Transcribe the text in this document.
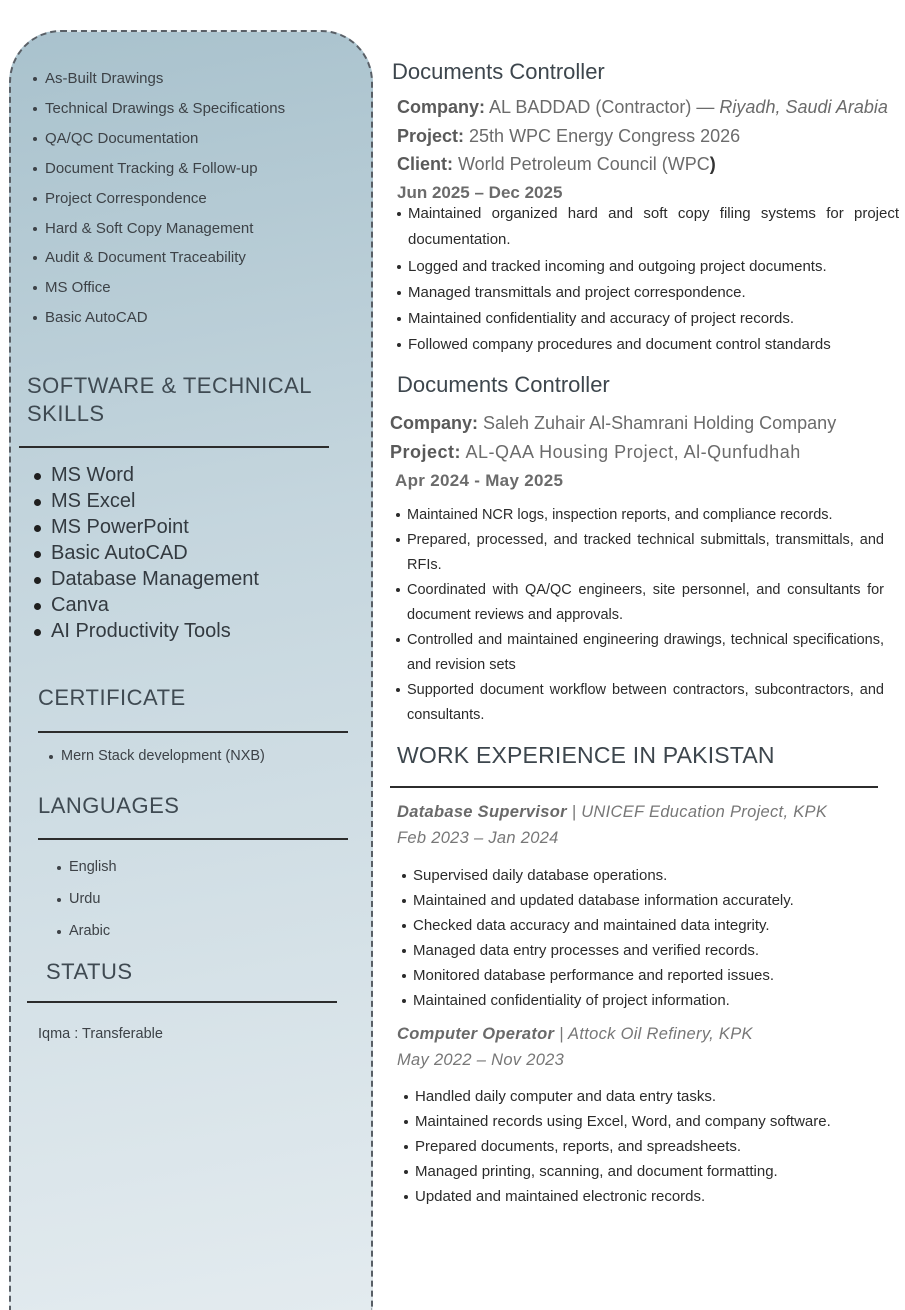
As-Built Drawings
Technical Drawings & Specifications
QA/QC Documentation
Document Tracking & Follow-up
Project Correspondence
Hard & Soft Copy Management
Audit & Document Traceability
MS Office
Basic AutoCAD
SOFTWARE & TECHNICAL
SKILLS
MS Word
MS Excel
MS PowerPoint
Basic AutoCAD
Database Management
Canva
AI Productivity Tools
CERTIFICATE
Mern Stack development (NXB)
LANGUAGES
English
Urdu
Arabic
STATUS
Iqma : Transferable
Documents Controller
Company: AL BADDAD (Contractor) — Riyadh, Saudi Arabia
Project: 25th WPC Energy Congress 2026
Client: World Petroleum Council (WPC)
Jun 2025 – Dec 2025
Maintained organized hard and soft copy filing systems for project documentation.
Logged and tracked incoming and outgoing project documents.
Managed transmittals and project correspondence.
Maintained confidentiality and accuracy of project records.
Followed company procedures and document control standards
Documents Controller
Company: Saleh Zuhair Al-Shamrani Holding Company
Project: AL-QAA Housing Project, Al-Qunfudhah
Apr 2024 - May 2025
Maintained NCR logs, inspection reports, and compliance records.
Prepared, processed, and tracked technical submittals, transmittals, and RFIs.
Coordinated with QA/QC engineers, site personnel, and consultants for document reviews and approvals.
Controlled and maintained engineering drawings, technical specifications, and revision sets
Supported document workflow between contractors, subcontractors, and consultants.
WORK EXPERIENCE IN PAKISTAN
Database Supervisor | UNICEF Education Project, KPK
Feb 2023 – Jan 2024
Supervised daily database operations.
Maintained and updated database information accurately.
Checked data accuracy and maintained data integrity.
Managed data entry processes and verified records.
Monitored database performance and reported issues.
Maintained confidentiality of project information.
Computer Operator | Attock Oil Refinery, KPK
May 2022 – Nov 2023
Handled daily computer and data entry tasks.
Maintained records using Excel, Word, and company software.
Prepared documents, reports, and spreadsheets.
Managed printing, scanning, and document formatting.
Updated and maintained electronic records.
